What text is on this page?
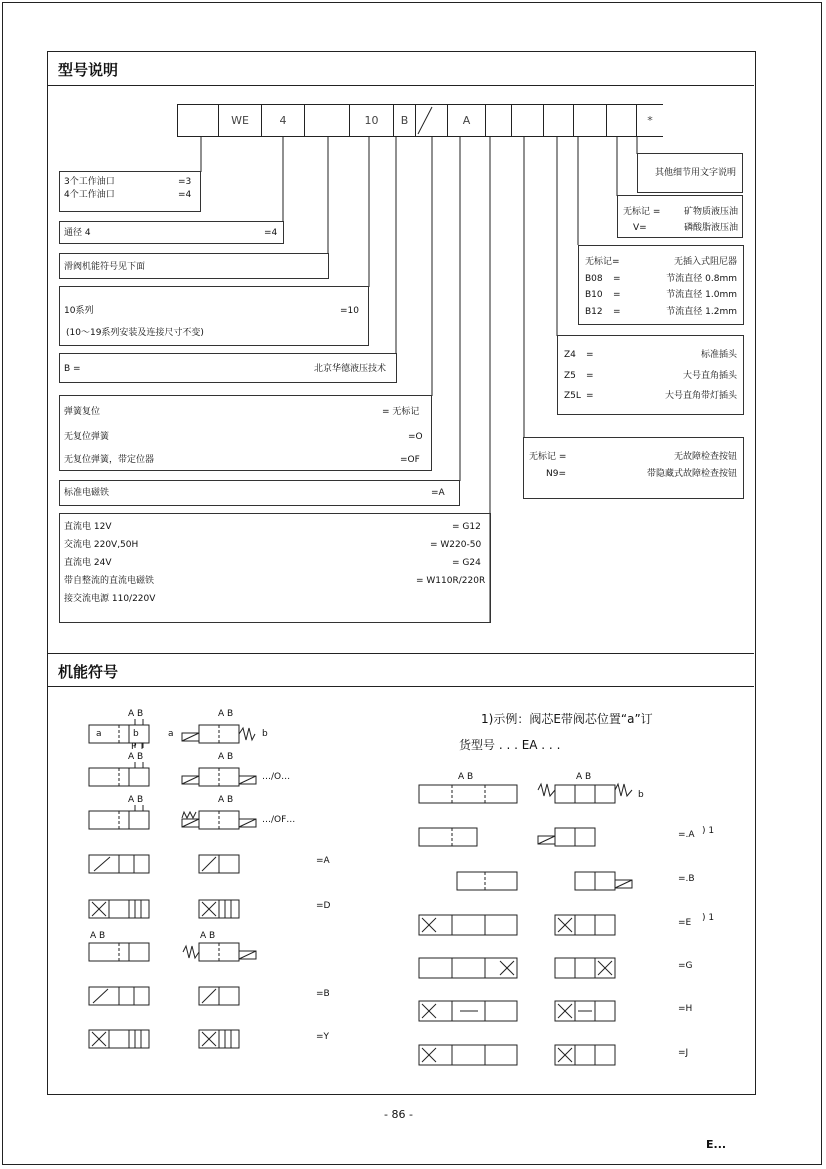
型号说明
WE	4	10	B	A	*
3个工作油口	=3
4个工作油口	=4
通径 4	=4
滑阀机能符号见下面
10系列	=10
(10～19系列安装及连接尺寸不变)
B =	北京华德液压技术
弹簧复位	= 无标记
无复位弹簧	=O
无复位弹簧，带定位器	=OF
标准电磁铁	=A
直流电 12V	= G12
交流电 220V,50H	= W220-50
直流电 24V	= G24
带自整流的直流电磁铁	= W110R/220R
接交流电源 110/220V
其他细节用文字说明
无标记 =	矿物质液压油
V=	磷酸脂液压油
无标记=	无插入式阻尼器
B08 =	节流直径 0.8mm
B10 =	节流直径 1.0mm
B12 =	节流直径 1.2mm
Z4 =	标准插头
Z5 =	大号直角插头
Z5L =	大号直角带灯插头
无标记 =	无故障检查按钮
N9=	带隐藏式故障检查按钮
机能符号
A B
a	b
P T
A B
a	b
A B	A B
…/O…
A B	A B
…/OF…
=A
=D
A B	A B
=B
=Y
1)示例：阀芯E带阀芯位置“a”订
货型号 . . . EA . . .
A B	A B
b
=.A ) 1
=.B
=E ) 1
=G
=H
=J
- 86 -
E...
